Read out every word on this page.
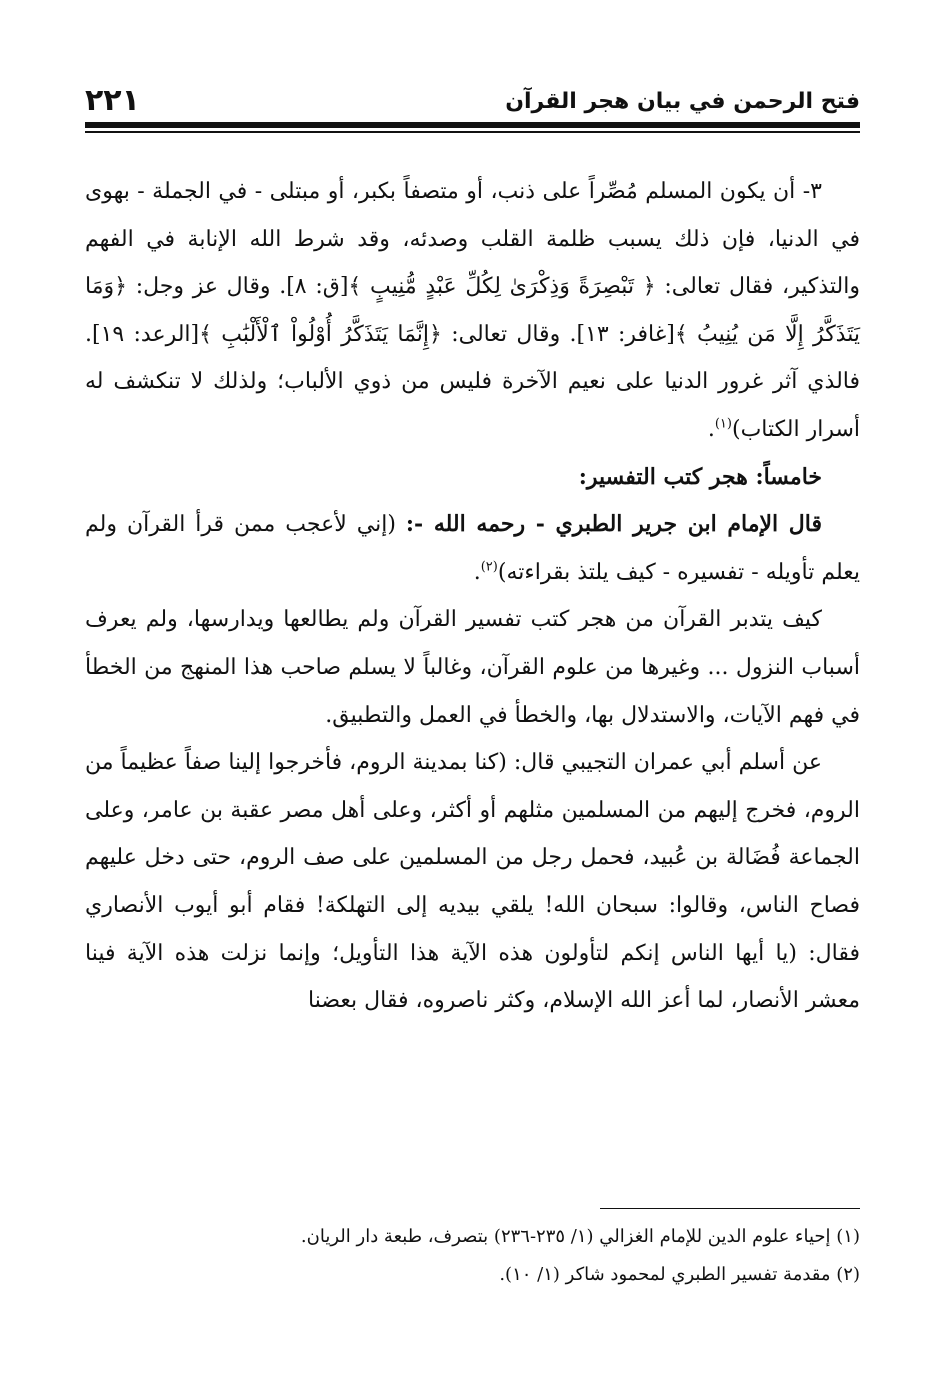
فتح الرحمن في بيان هجر القرآن
٢٢١

٣- أن يكون المسلم مُصِّراً على ذنب، أو متصفاً بكبر، أو مبتلى - في الجملة - بهوى في الدنيا، فإن ذلك يسبب ظلمة القلب وصدئه، وقد شرط الله الإنابة في الفهم والتذكير، فقال تعالى: ﴿ تَبْصِرَةً وَذِكْرَىٰ لِكُلِّ عَبْدٍ مُّنِيبٍ ﴾[ق: ٨]. وقال عز وجل: ﴿وَمَا يَتَذَكَّرُ إِلَّا مَن يُنِيبُ ﴾[غافر: ١٣]. وقال تعالى: ﴿إِنَّمَا يَتَذَكَّرُ أُوْلُواْ ٱلْأَلْبَٰبِ ﴾[الرعد: ١٩]. فالذي آثر غرور الدنيا على نعيم الآخرة فليس من ذوي الألباب؛ ولذلك لا تنكشف له أسرار الكتاب)$^{(١)}$.

خامساً: هجر كتب التفسير:

قال الإمام ابن جرير الطبري - رحمه الله -: (إني لأعجب ممن قرأ القرآن ولم يعلم تأويله - تفسيره - كيف يلتذ بقراءته)$^{(٢)}$.

كيف يتدبر القرآن من هجر كتب تفسير القرآن ولم يطالعها ويدارسها، ولم يعرف أسباب النزول ... وغيرها من علوم القرآن، وغالباً لا يسلم صاحب هذا المنهج من الخطأ في فهم الآيات، والاستدلال بها، والخطأ في العمل والتطبيق.

عن أسلم أبي عمران التجيبي قال: (كنا بمدينة الروم، فأخرجوا إلينا صفاً عظيماً من الروم، فخرج إليهم من المسلمين مثلهم أو أكثر، وعلى أهل مصر عقبة بن عامر، وعلى الجماعة فُضَالة بن عُبيد، فحمل رجل من المسلمين على صف الروم، حتى دخل عليهم فصاح الناس، وقالوا: سبحان الله! يلقي بيديه إلى التهلكة! فقام أبو أيوب الأنصاري فقال: (يا أيها الناس إنكم لتأولون هذه الآية هذا التأويل؛ وإنما نزلت هذه الآية فينا معشر الأنصار، لما أعز الله الإسلام، وكثر ناصروه، فقال بعضنا

(١) إحياء علوم الدين للإمام الغزالي (١/ ٢٣٥-٢٣٦) بتصرف، طبعة دار الريان.

(٢) مقدمة تفسير الطبري لمحمود شاكر (١/ ١٠).
